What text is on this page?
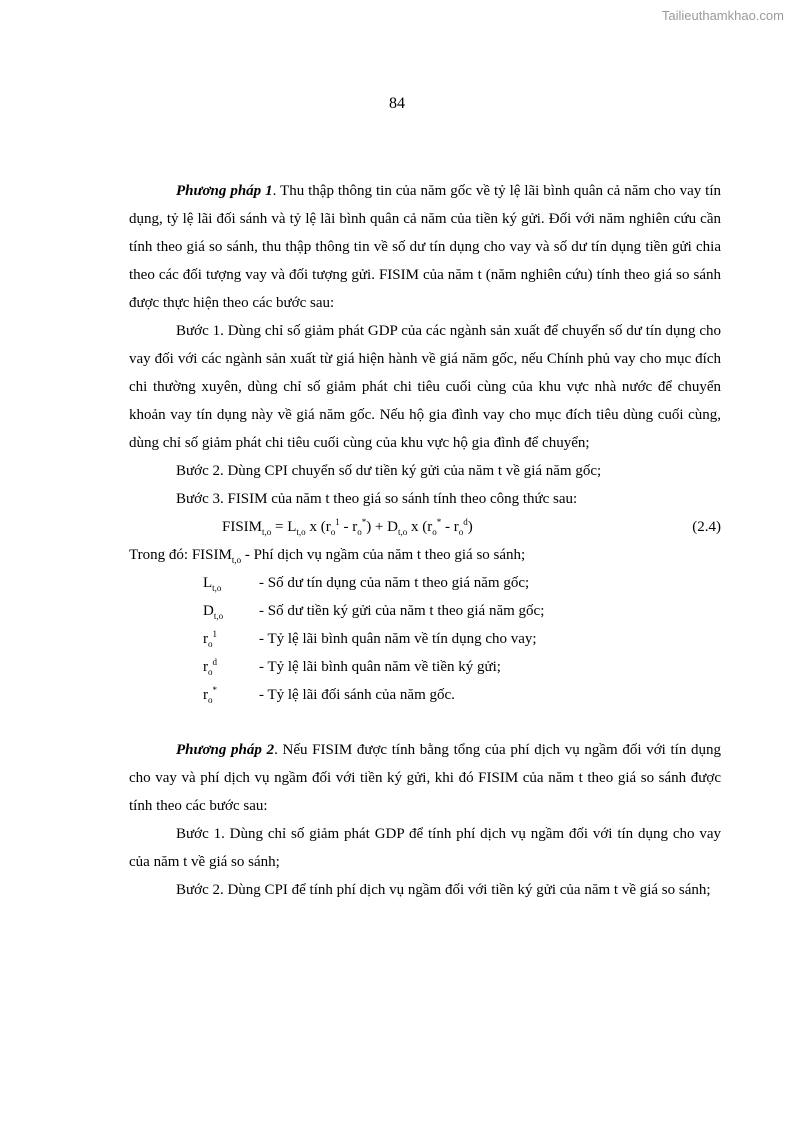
Tailieuthamkhao.com
84

Phương pháp 1. Thu thập thông tin của năm gốc về tỷ lệ lãi bình quân cả năm cho vay tín dụng, tỷ lệ lãi đối sánh và tỷ lệ lãi bình quân cả năm của tiền ký gửi. Đối với năm nghiên cứu cần tính theo giá so sánh, thu thập thông tin về số dư tín dụng cho vay và số dư tín dụng tiền gửi chia theo các đối tượng vay và đối tượng gửi. FISIM của năm t (năm nghiên cứu) tính theo giá so sánh được thực hiện theo các bước sau:

Bước 1. Dùng chỉ số giảm phát GDP của các ngành sản xuất để chuyển số dư tín dụng cho vay đối với các ngành sản xuất từ giá hiện hành về giá năm gốc, nếu Chính phủ vay cho mục đích chi thường xuyên, dùng chỉ số giảm phát chi tiêu cuối cùng của khu vực nhà nước để chuyển khoản vay tín dụng này về giá năm gốc. Nếu hộ gia đình vay cho mục đích tiêu dùng cuối cùng, dùng chỉ số giảm phát chi tiêu cuối cùng của khu vực hộ gia đình để chuyển;

Bước 2. Dùng CPI chuyển số dư tiền ký gửi của năm t về giá năm gốc;

Bước 3. FISIM của năm t theo giá so sánh tính theo công thức sau:

$FISIM_{t,o} = L_{t,o}$ x $(r_o^1 - r_o^*) + D_{t,o}$ x $(r_o^* - r_o^d)$	(2.4)
Trong đó: $FISIM_{t,o}$ - Phí dịch vụ ngầm của năm t theo giá so sánh;
$L_{t,o}$	- Số dư tín dụng của năm t theo giá năm gốc;
$D_{t,o}$ - Số dư tiền ký gửi của năm t theo giá năm gốc;
$r_o^1$	- Tỷ lệ lãi bình quân năm về tín dụng cho vay;
$r_o^d$	- Tỷ lệ lãi bình quân năm về tiền ký gửi;
$r_o^*$	- Tỷ lệ lãi đối sánh của năm gốc.

Phương pháp 2. Nếu FISIM được tính bằng tổng của phí dịch vụ ngầm đối với tín dụng cho vay và phí dịch vụ ngầm đối với tiền ký gửi, khi đó FISIM của năm t theo giá so sánh được tính theo các bước sau:

Bước 1. Dùng chỉ số giảm phát GDP để tính phí dịch vụ ngầm đối với tín dụng cho vay của năm t về giá so sánh;

Bước 2. Dùng CPI để tính phí dịch vụ ngầm đối với tiền ký gửi của năm t về giá so sánh;
